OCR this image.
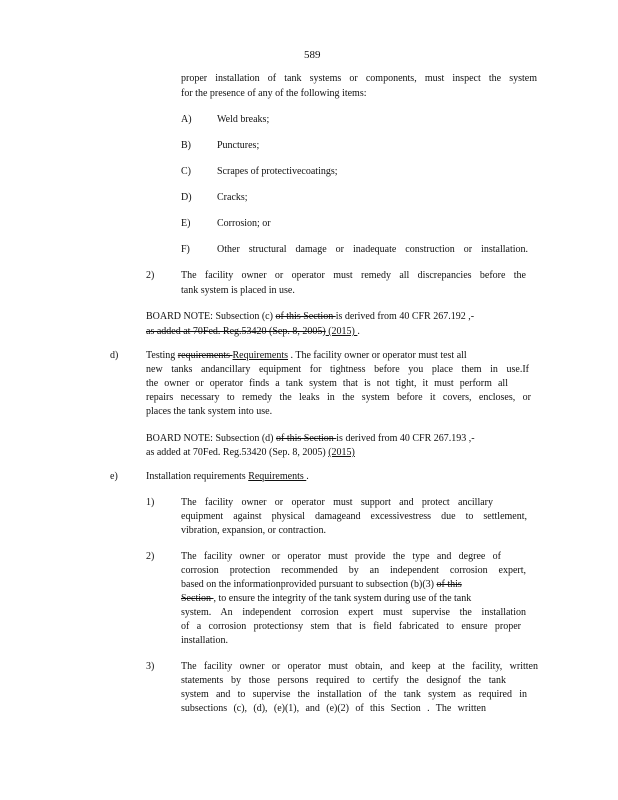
589
proper installation of tank systems or components, must inspect the system
for the presence of any of the following items:
A)	Weld breaks;
B)	Punctures;
C)	Scrapes of protectivecoatings;
D)	Cracks;
E)	Corrosion; or
F)	Other structural damage or inadequate construction or installation.
2)	The facility owner or operator must remedy all discrepancies before the
tank system is placed in use.
BOARD NOTE: Subsection (c) of this Section is derived from 40 CFR 267.192 ,-
as added at 70Fed. Reg.53420 (Sep. 8, 2005) (2015) .
d)	Testing requirements Requirements . The facility owner or operator must test all
new tanks andancillary equipment for tightness before you place them in use.If
the owner or operator finds a tank system that is not tight, it must perform all
repairs necessary to remedy the leaks in the system before it covers, encloses, or
places the tank system into use.
BOARD NOTE: Subsection (d) of this Section is derived from 40 CFR 267.193 ,-
as added at 70Fed. Reg.53420 (Sep. 8, 2005) (2015)
e)	Installation requirements Requirements .
1)	The facility owner or operator must support and protect ancillary
equipment against physical damageand excessivestress due to settlement,
vibration, expansion, or contraction.
2)	The facility owner or operator must provide the type and degree of
corrosion protection recommended by an independent corrosion expert,
based on the informationprovided pursuant to subsection (b)(3) of this
Section , to ensure the integrity of the tank system during use of the tank
system. An independent corrosion expert must supervise the installation
of a corrosion protectionsy stem that is field fabricated to ensure proper
installation.
3)	The facility owner or operator must obtain, and keep at the facility, written
statements by those persons required to certify the designof the tank
system and to supervise the installation of the tank system as required in
subsections (c), (d), (e)(1), and (e)(2) of this Section . The written
